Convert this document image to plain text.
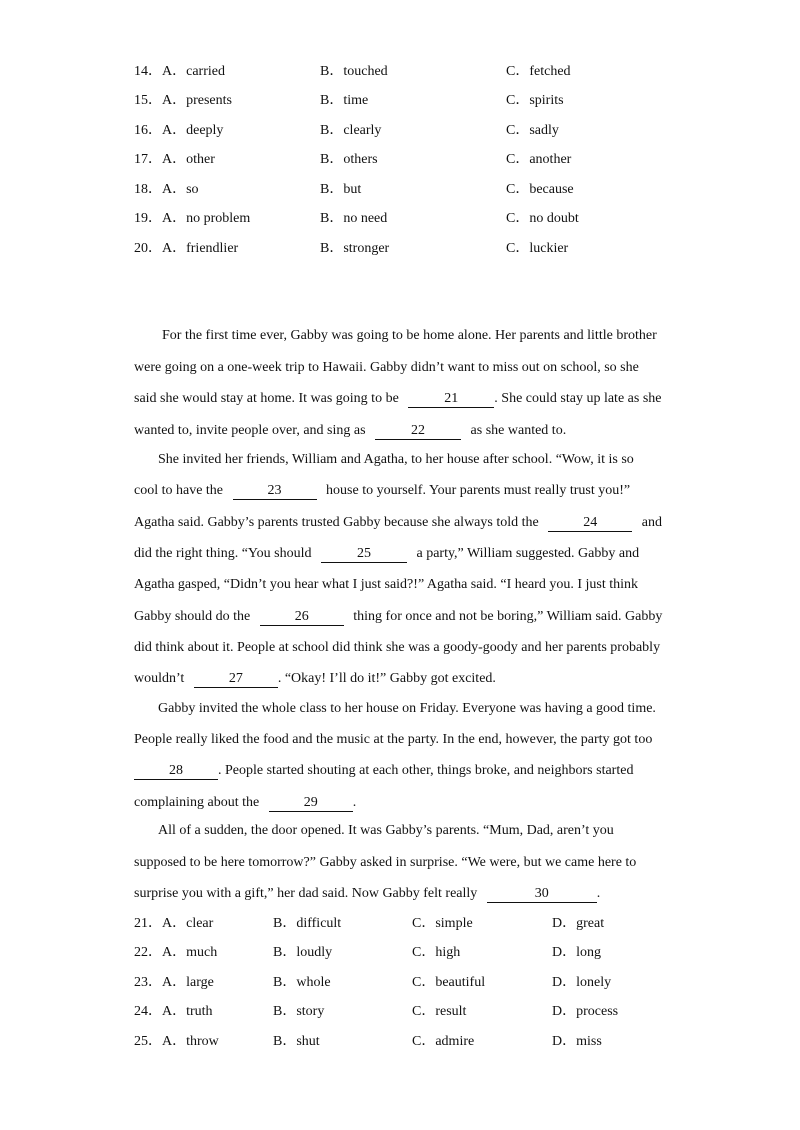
14． A．carried	B．touched	C．fetched
15． A．presents	B．time	C．spirits
16． A．deeply	B．clearly	C．sadly
17． A．other	B．others	C．another
18． A．so	B．but	C．because
19． A．no problem	B．no need	C．no doubt
20． A．friendlier	B．stronger	C．luckier
For the first time ever, Gabby was going to be home alone. Her parents and little brother
were going on a one-week trip to Hawaii. Gabby didn’t want to miss out on school, so she
said she would stay at home. It was going to be	21	. She could stay up late as she
wanted to, invite people over, and sing as	22	as she wanted to.
She invited her friends, William and Agatha, to her house after school. “Wow, it is so
cool to have the	23	house to yourself. Your parents must really trust you!”
Agatha said. Gabby’s parents trusted Gabby because she always told the	24	and
did the right thing. “You should	25	a party,” William suggested. Gabby and
Agatha gasped, “Didn’t you hear what I just said?!” Agatha said. “I heard you. I just think
Gabby should do the	26	thing for once and not be boring,” William said. Gabby
did think about it. People at school did think she was a goody-goody and her parents probably
wouldn’t	27	. “Okay! I’ll do it!” Gabby got excited.
Gabby invited the whole class to her house on Friday. Everyone was having a good time.
People really liked the food and the music at the party. In the end, however, the party got too
28	. People started shouting at each other, things broke, and neighbors started
complaining about the	29	.
All of a sudden, the door opened. It was Gabby’s parents. “Mum, Dad, aren’t you
supposed to be here tomorrow?” Gabby asked in surprise. “We were, but we came here to
surprise you with a gift,” her dad said. Now Gabby felt really	30	.
21． A．clear	B．difficult	C．simple	D．great
22． A．much	B．loudly	C．high	D．long
23． A．large	B．whole	C．beautiful	D．lonely
24． A．truth	B．story	C．result	D．process
25． A．throw	B．shut	C．admire	D．miss
